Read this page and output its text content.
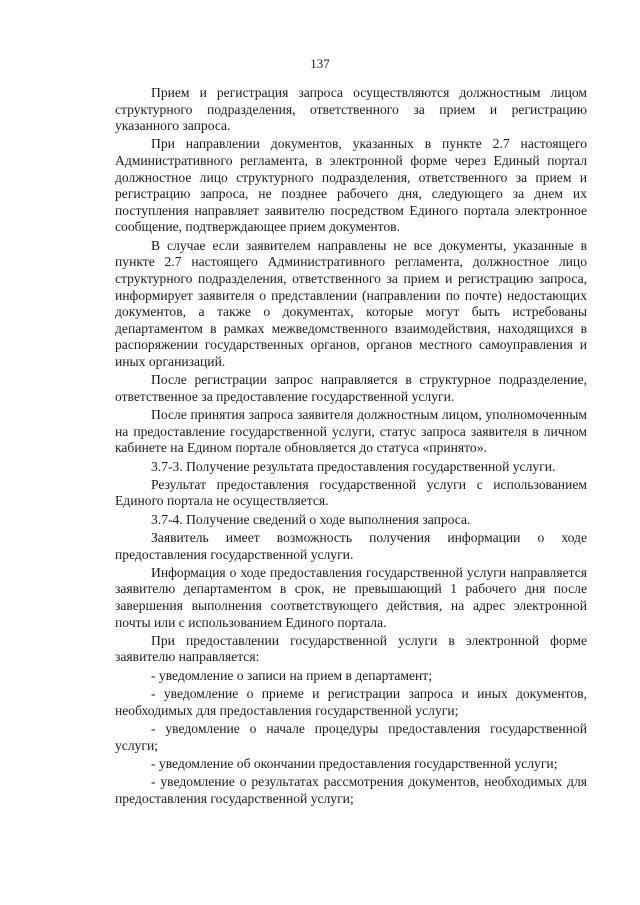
137

Прием и регистрация запроса осуществляются должностным лицом структурного подразделения, ответственного за прием и регистрацию указанного запроса.

При направлении документов, указанных в пункте 2.7 настоящего Административного регламента, в электронной форме через Единый портал должностное лицо структурного подразделения, ответственного за прием и регистрацию запроса, не позднее рабочего дня, следующего за днем их поступления направляет заявителю посредством Единого портала электронное сообщение, подтверждающее прием документов.

В случае если заявителем направлены не все документы, указанные в пункте 2.7 настоящего Административного регламента, должностное лицо структурного подразделения, ответственного за прием и регистрацию запроса, информирует заявителя о представлении (направлении по почте) недостающих документов, а также о документах, которые могут быть истребованы департаментом в рамках межведомственного взаимодействия, находящихся в распоряжении государственных органов, органов местного самоуправления и иных организаций.

После регистрации запрос направляется в структурное подразделение, ответственное за предоставление государственной услуги.

После принятия запроса заявителя должностным лицом, уполномоченным на предоставление государственной услуги, статус запроса заявителя в личном кабинете на Едином портале обновляется до статуса «принято».

3.7-3. Получение результата предоставления государственной услуги.

Результат предоставления государственной услуги с использованием Единого портала не осуществляется.

3.7-4. Получение сведений о ходе выполнения запроса.

Заявитель имеет возможность получения информации о ходе предоставления государственной услуги.

Информация о ходе предоставления государственной услуги направляется заявителю департаментом в срок, не превышающий 1 рабочего дня после завершения выполнения соответствующего действия, на адрес электронной почты или с использованием Единого портала.

При предоставлении государственной услуги в электронной форме заявителю направляется:

- уведомление о записи на прием в департамент;

- уведомление о приеме и регистрации запроса и иных документов, необходимых для предоставления государственной услуги;

- уведомление о начале процедуры предоставления государственной услуги;

- уведомление об окончании предоставления государственной услуги;

- уведомление о результатах рассмотрения документов, необходимых для предоставления государственной услуги;
